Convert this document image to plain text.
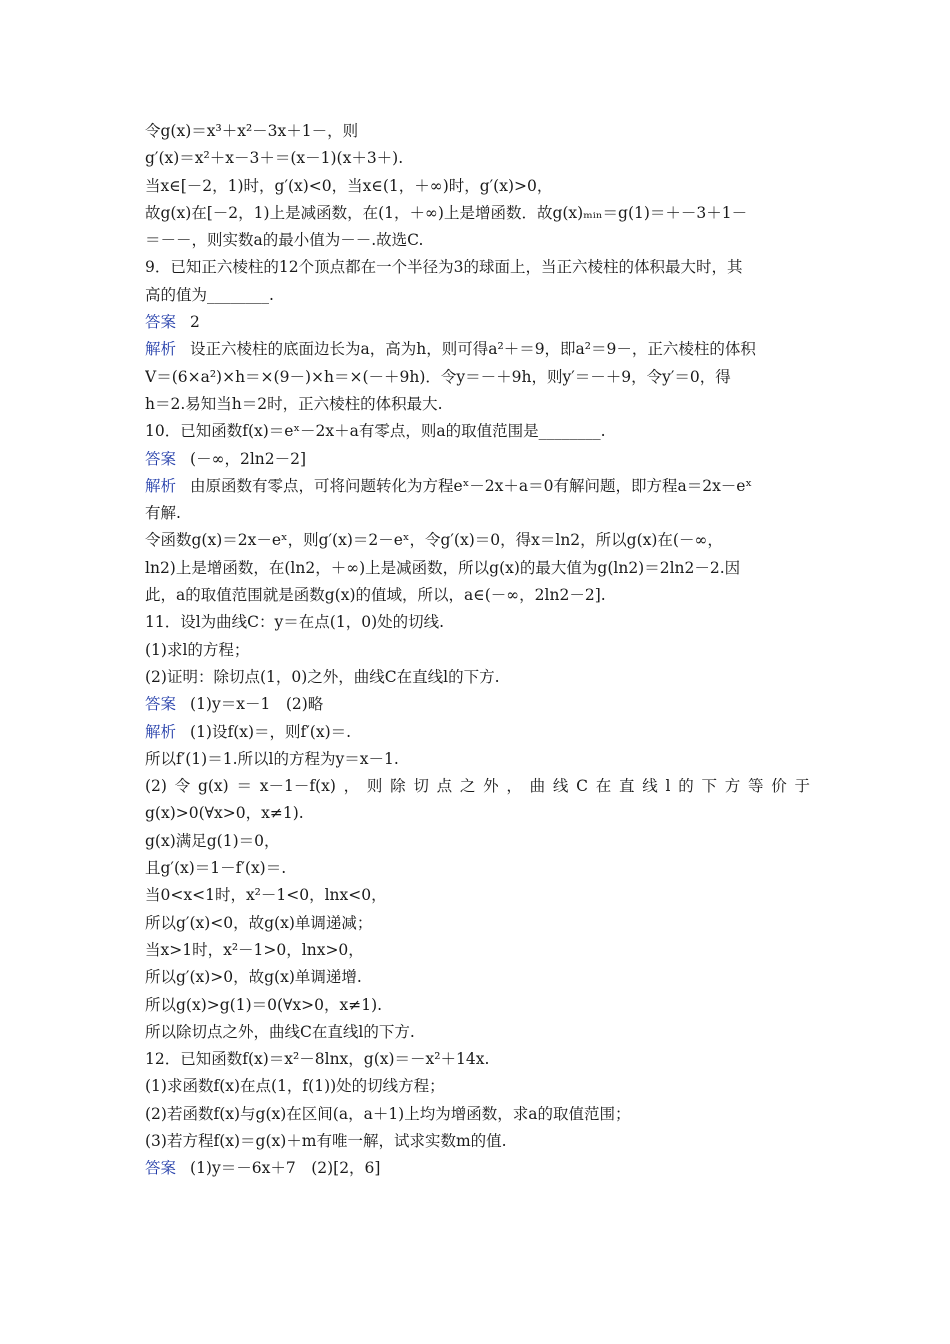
令g(x)＝x³＋x²－3x＋1－，则
g′(x)＝x²＋x－3＋＝(x－1)(x＋3＋).
当x∈[－2，1)时，g′(x)<0，当x∈(1，＋∞)时，g′(x)>0，
故g(x)在[－2，1)上是减函数，在(1，＋∞)上是增函数．故g(x)ₘᵢₙ＝g(1)＝＋－3＋1－
＝－－，则实数a的最小值为－－.故选C.
9．已知正六棱柱的12个顶点都在一个半径为3的球面上，当正六棱柱的体积最大时，其
高的值为________.
答案 2
解析 设正六棱柱的底面边长为a，高为h，则可得a²＋＝9，即a²＝9－，正六棱柱的体积
V＝(6×a²)×h＝×(9－)×h＝×(－＋9h)．令y＝－＋9h，则y′＝－＋9，令y′＝0，得
h＝2.易知当h＝2时，正六棱柱的体积最大.
10．已知函数f(x)＝eˣ－2x＋a有零点，则a的取值范围是________.
答案 (－∞，2ln2－2]
解析 由原函数有零点，可将问题转化为方程eˣ－2x＋a＝0有解问题，即方程a＝2x－eˣ
有解.
令函数g(x)＝2x－eˣ，则g′(x)＝2－eˣ，令g′(x)＝0，得x＝ln2，所以g(x)在(－∞，
ln2)上是增函数，在(ln2，＋∞)上是减函数，所以g(x)的最大值为g(ln2)＝2ln2－2.因
此，a的取值范围就是函数g(x)的值域，所以，a∈(－∞，2ln2－2].
11．设l为曲线C：y＝在点(1，0)处的切线.
(1)求l的方程；
(2)证明：除切点(1，0)之外，曲线C在直线l的下方.
答案 (1)y＝x－1　(2)略
解析 (1)设f(x)＝，则f′(x)＝.
所以f′(1)＝1.所以l的方程为y＝x－1.
(2)令g(x)＝x－1－f(x)，则除切点之外，曲线C在直线l的下方等价于
g(x)>0(∀x>0，x≠1).
g(x)满足g(1)＝0，
且g′(x)＝1－f′(x)＝.
当0<x<1时，x²－1<0，lnx<0，
所以g′(x)<0，故g(x)单调递减；
当x>1时，x²－1>0，lnx>0，
所以g′(x)>0，故g(x)单调递增.
所以g(x)>g(1)＝0(∀x>0，x≠1).
所以除切点之外，曲线C在直线l的下方.
12．已知函数f(x)＝x²－8lnx，g(x)＝－x²＋14x.
(1)求函数f(x)在点(1，f(1))处的切线方程；
(2)若函数f(x)与g(x)在区间(a，a＋1)上均为增函数，求a的取值范围；
(3)若方程f(x)＝g(x)＋m有唯一解，试求实数m的值.
答案 (1)y＝－6x＋7　(2)[2，6]
